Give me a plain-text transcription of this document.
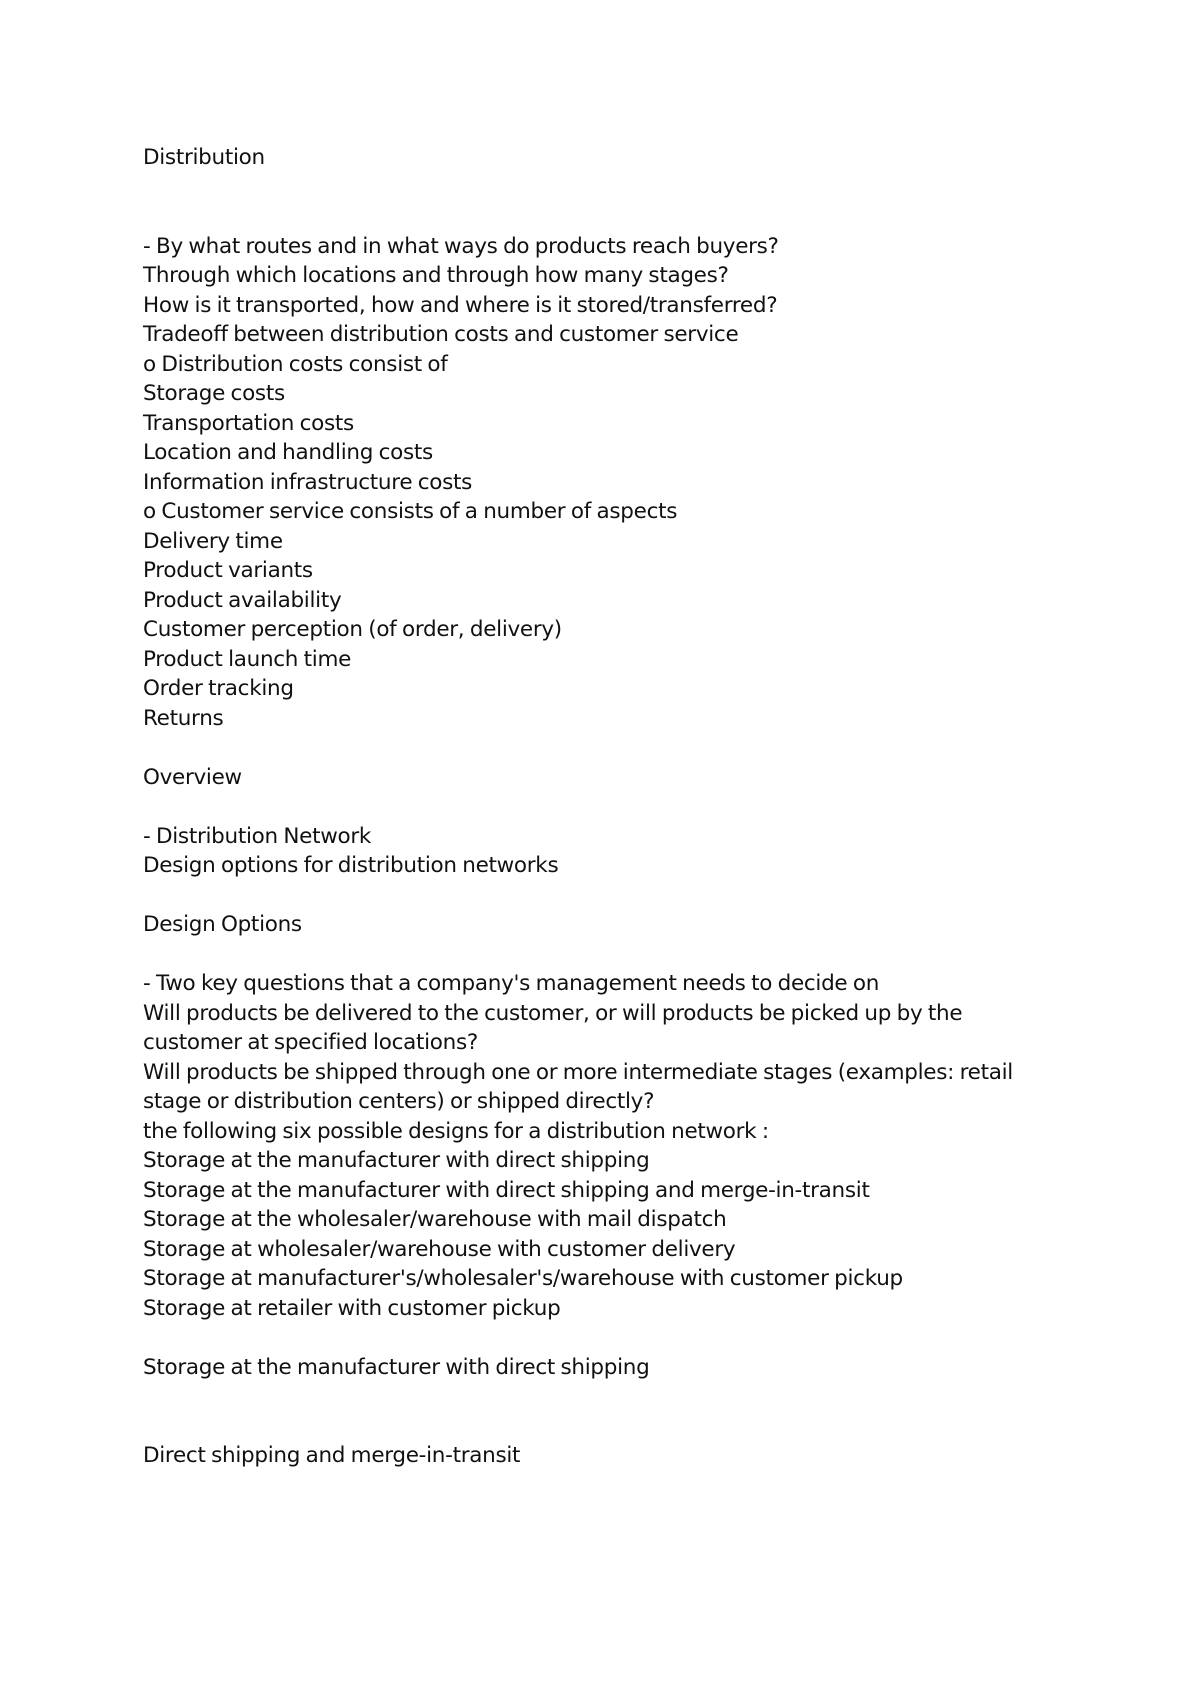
Distribution

- By what routes and in what ways do products reach buyers?

Through which locations and through how many stages?

How is it transported, how and where is it stored/transferred?

Tradeoff between distribution costs and customer service

o Distribution costs consist of

Storage costs

Transportation costs

Location and handling costs

Information infrastructure costs

o Customer service consists of a number of aspects

Delivery time

Product variants

Product availability

Customer perception (of order, delivery)

Product launch time

Order tracking

Returns

Overview

- Distribution Network

Design options for distribution networks

Design Options

- Two key questions that a company's management needs to decide on

Will products be delivered to the customer, or will products be picked up by the customer at specified locations?

Will products be shipped through one or more intermediate stages (examples: retail stage or distribution centers) or shipped directly?

the following six possible designs for a distribution network :

Storage at the manufacturer with direct shipping

Storage at the manufacturer with direct shipping and merge-in-transit

Storage at the wholesaler/warehouse with mail dispatch

Storage at wholesaler/warehouse with customer delivery

Storage at manufacturer's/wholesaler's/warehouse with customer pickup

Storage at retailer with customer pickup

Storage at the manufacturer with direct shipping

Direct shipping and merge-in-transit
